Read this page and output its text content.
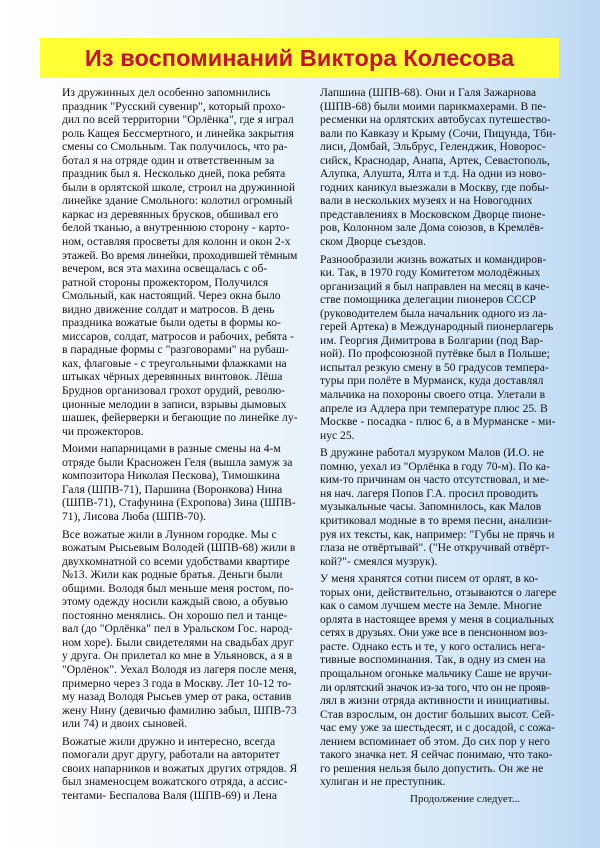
Из воспоминаний Виктора Колесова

Из дружинных дел особенно запомнились
праздник "Русский сувенир", который прохо-
дил по всей территории "Орлёнка", где я играл
роль Кащея Бессмертного, и линейка закрытия
смены со Смольным. Так получилось, что ра-
ботал я на отряде один и ответственным за
праздник был я. Несколько дней, пока ребята
были в орлятской школе, строил на дружинной
линейке здание Смольного: колотил огромный
каркас из деревянных брусков, обшивал его
белой тканью, а внутреннюю сторону - карто-
ном, оставляя просветы для колонн и окон 2-х
этажей. Во время линейки, проходившей тёмным
вечером, вся эта махина освещалась с об-
ратной стороны прожектором, Получился
Смольный, как настоящий. Через окна было
видно движение солдат и матросов. В день
праздника вожатые были одеты в формы ко-
миссаров, солдат, матросов и рабочих, ребята -
в парадные формы с "разговорами" на рубаш-
ках, флаговые - с треугольными флажками на
штыках чёрных деревянных винтовок. Лёша
Бруднов организовал грохот орудий, револю-
ционные мелодии в записи, взрывы дымовых
шашек, фейерверки и бегающие по линейке лу-
чи прожекторов.

Моими напарницами в разные смены на 4-м
отряде были Красножен Геля (вышла замуж за
композитора Николая Пескова), Тимошкина
Галя (ШПВ-71), Паршина (Воронкова) Нина
(ШПВ-71), Стафунина (Ехропова) Зина (ШПВ-
71), Лисова Люба (ШПВ-70).

Все вожатые жили в Лунном городке. Мы с
вожатым Рысьевым Володей (ШПВ-68) жили в
двухкомнатной со всеми удобствами квартире
№13. Жили как родные братья. Деньги были
общими. Володя был меньше меня ростом, по-
этому одежду носили каждый свою, а обувью
постоянно менялись. Он хорошо пел и танце-
вал (до "Орлёнка" пел в Уральском Гос. народ-
ном хоре). Были свидетелями на свадьбах друг
у друга. Он прилетал ко мне в Ульяновск, а я в
"Орлёнок". Уехал Володя из лагеря после меня,
примерно через 3 года в Москву. Лет 10-12 то-
му назад Володя Рысьев умер от рака, оставив
жену Нину (девичью фамилию забыл, ШПВ-73
или 74) и двоих сыновей.

Вожатые жили дружно и интересно, всегда
помогали друг другу, работали на авторитет
своих напарников и вожатых других отрядов. Я
был знаменосцем вожатского отряда, а ассис-
тентами- Беспалова Валя (ШПВ-69) и Лена

Лапшина (ШПВ-68). Они и Галя Зажарнова
(ШПВ-68) были моими парикмахерами. В пе-
ресменки на орлятских автобусах путешество-
вали по Кавказу и Крыму (Сочи, Пицунда, Тби-
лиси, Домбай, Эльбрус, Геленджик, Новорос-
сийск, Краснодар, Анапа, Артек, Севастополь,
Алупка, Алушта, Ялта и т.д. На одни из ново-
годних каникул выезжали в Москву, где побы-
вали в нескольких музеях и на Новогодних
представлениях в Московском Дворце пионе-
ров, Колонном зале Дома союзов, в Кремлёв-
ском Дворце съездов.

Разнообразили жизнь вожатых и командиров-
ки. Так, в 1970 году Комитетом молодёжных
организаций я был направлен на месяц в каче-
стве помощника делегации пионеров СССР
(руководителем была начальник одного из ла-
герей Артека) в Международный пионерлагерь
им. Георгия Димитрова в Болгарии (под Вар-
ной). По профсоюзной путёвке был в Польше;
испытал резкую смену в 50 градусов темпера-
туры при полёте в Мурманск, куда доставлял
мальчика на похороны своего отца. Улетали в
апреле из Адлера при температуре плюс 25. В
Москве - посадка - плюс 6, а в Мурманске - ми-
нус 25.

В дружине работал музруком Малов (И.О. не
помню, уехал из "Орлёнка в году 70-м). По ка-
ким-то причинам он часто отсутствовал, и ме-
ня нач. лагеря Попов Г.А. просил проводить
музыкальные часы. Запомнилось, как Малов
критиковал модные в то время песни, анализи-
руя их тексты, как, например: "Губы не прячь и
глаза не отвёртывай". ("Не откручивай отвёрт-
кой?"- смеялся музрук).

У меня хранятся сотни писем от орлят, в ко-
торых они, действительно, отзываются о лагере
как о самом лучшем месте на Земле. Многие
орлята в настоящее время у меня в социальных
сетях в друзьях. Они уже все в пенсионном воз-
расте. Однако есть и те, у кого остались нега-
тивные воспоминания. Так, в одну из смен на
прощальном огоньке мальчику Саше не вручи-
ли орлятский значок из-за того, что он не прояв-
лял в жизни отряда активности и инициативы.
Став взрослым, он достиг больших высот. Сей-
час ему уже за шестьдесят, и с досадой, с сожа-
лением вспоминает об этом. До сих пор у него
такого значка нет. Я сейчас понимаю, что тако-
го решения нельзя было допустить. Он же не
хулиган и не преступник.

Продолжение следует...
